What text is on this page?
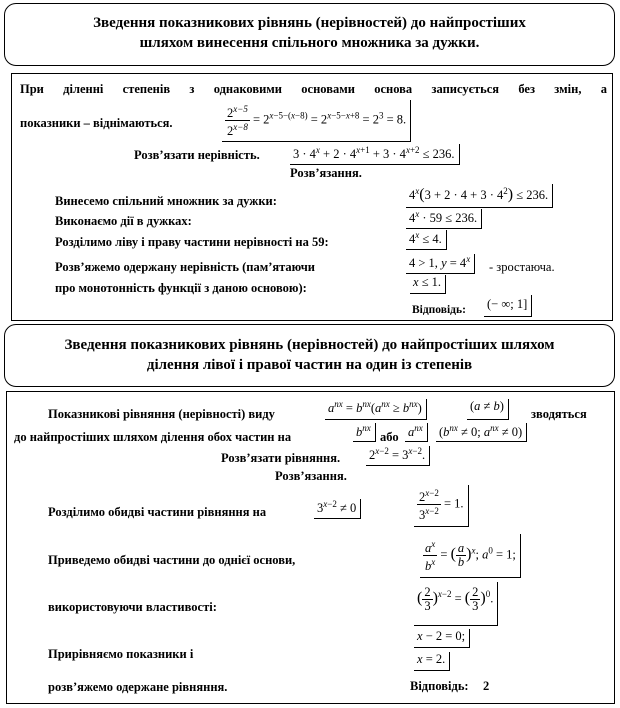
Зведення показникових рівнянь (нерівностей) до найпростіших
шляхом винесення спільного множника за дужки.
При діленні степенів з однаковими основами основа записується без змін, а
показники – віднімаються.	$\frac{2^{x-5}}{2^{x-8}} = 2^{x-5-(x-8)} = 2^{x-5-x+8} = 2^3 = 8$.
Розв’язати нерівність.	$3 \cdot 4^x + 2 \cdot 4^{x+1} + 3 \cdot 4^{x+2} \le 236$.
Розв’язання.
Винесемо спільний множник за дужки:	$4^x(3 + 2 \cdot 4 + 3 \cdot 4^2) \le 236$.
Виконаємо дії в дужках:	$4^x \cdot 59 \le 236$.
Розділимо ліву і праву частини нерівності на 59:	$4^x \le 4$.
Розв’яжемо одержану нерівність (пам’ятаючи	4 > 1, $y = 4^x$
- зростаюча.
про монотонність функції з даною основою):	x ≤ 1.
Відповідь: (− ∞; 1]
Зведення показникових рівнянь (нерівностей) до найпростіших шляхом
ділення лівої і правої частин на один із степенів
Показникові рівняння (нерівності) виду	$a^{nx} = b^{nx}(a^{nx} \ge b^{nx})$	(a ≠ b)
зводяться
до найпростіших шляхом ділення обох частин на	$b^{nx}$
або $a^{nx}$	($b^{nx} \ne 0$; $a^{nx} \ne 0$)
Розв’язати рівняння. $2^{x-2} = 3^{x-2}$.
Розв’язання.
Розділимо обидві частини рівняння на	$3^{x-2} \ne 0$	$\frac{2^{x-2}}{3^{x-2}} = 1$.
Приведемо обидві частини до однієї основи,	$\frac{a^x}{b^x}$ = ( $\frac{a}{b} )^x$; $a^0 = 1$;
використовуючи властивості:
( $\frac{2}{3} )^{x-2}$ = ( $\frac{2}{3} )^0$.
Прирівняємо показники і
x − 2 = 0;
x = 2.
розв’яжемо одержане рівняння.	Відповідь: 2
